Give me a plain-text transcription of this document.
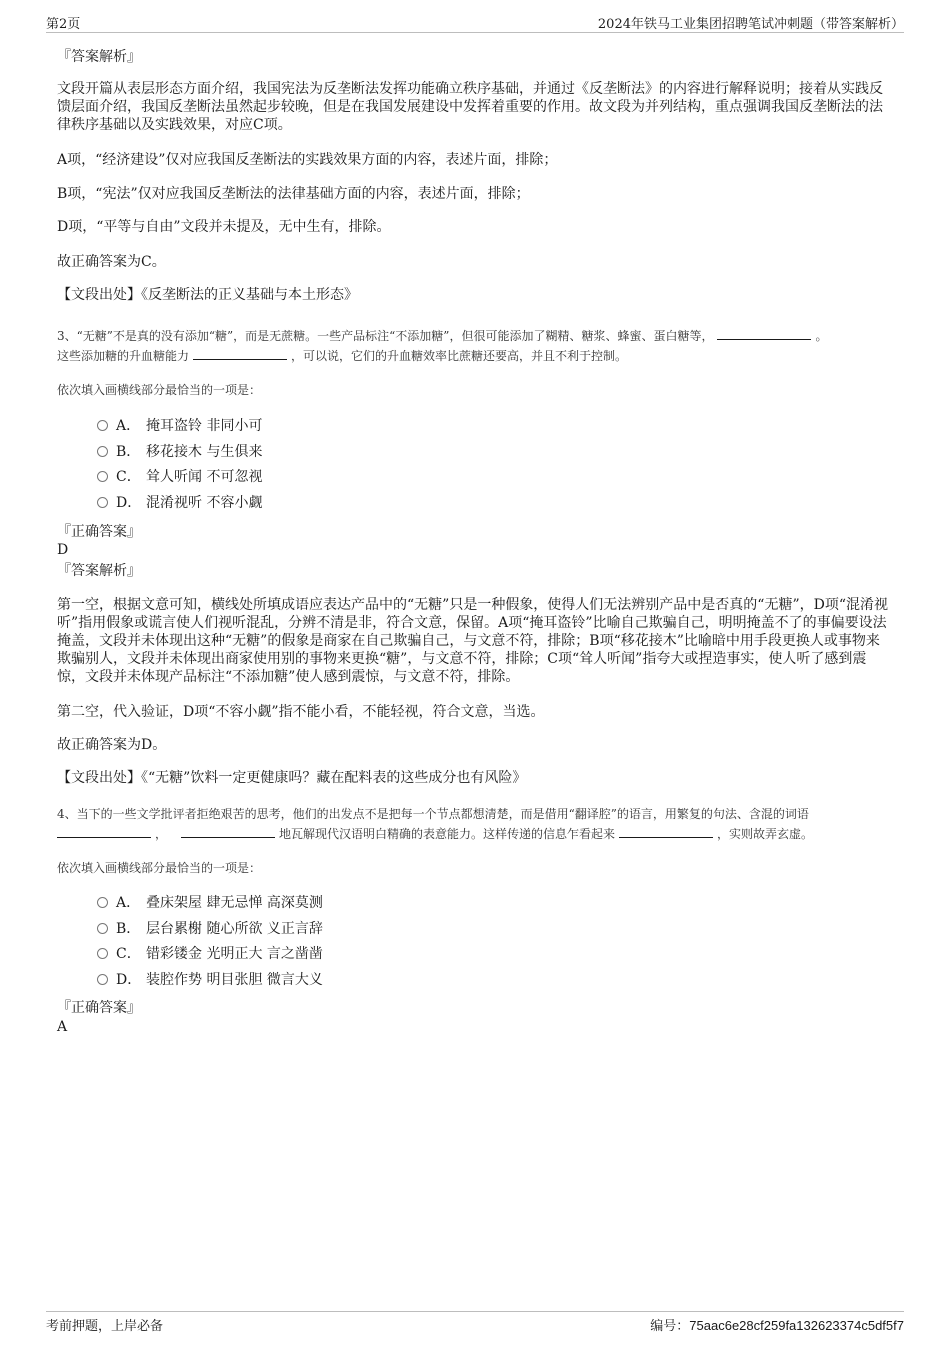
第2页	2024年铁马工业集团招聘笔试冲刺题（带答案解析）
『答案解析』
文段开篇从表层形态方面介绍，我国宪法为反垄断法发挥功能确立秩序基础，并通过《反垄断法》的内容进行解释说明；接着从实践反馈层面介绍，我国反垄断法虽然起步较晚，但是在我国发展建设中发挥着重要的作用。故文段为并列结构，重点强调我国反垄断法的法律秩序基础以及实践效果，对应C项。
A项，“经济建设”仅对应我国反垄断法的实践效果方面的内容，表述片面，排除；
B项，“宪法”仅对应我国反垄断法的法律基础方面的内容，表述片面，排除；
D项，“平等与自由”文段并未提及，无中生有，排除。
故正确答案为C。
【文段出处】《反垄断法的正义基础与本土形态》
3、“无糖”不是真的没有添加“糖”，而是无蔗糖。一些产品标注“不添加糖”，但很可能添加了糊精、糖浆、蜂蜜、蛋白糖等，	。
这些添加糖的升血糖能力	，可以说，它们的升血糖效率比蔗糖还要高，并且不利于控制。
依次填入画横线部分最恰当的一项是：
A． 掩耳盗铃 非同小可
B． 移花接木 与生俱来
C． 耸人听闻 不可忽视
D． 混淆视听 不容小觑
『正确答案』
D
『答案解析』
第一空，根据文意可知，横线处所填成语应表达产品中的“无糖”只是一种假象，使得人们无法辨别产品中是否真的“无糖”，D项“混淆视听”指用假象或谎言使人们视听混乱，分辨不清是非，符合文意，保留。A项“掩耳盗铃”比喻自己欺骗自己，明明掩盖不了的事偏要设法掩盖，文段并未体现出这种“无糖”的假象是商家在自己欺骗自己，与文意不符，排除；B项“移花接木”比喻暗中用手段更换人或事物来欺骗别人，文段并未体现出商家使用别的事物来更换“糖”，与文意不符，排除；C项“耸人听闻”指夸大或捏造事实，使人听了感到震惊，文段并未体现产品标注“不添加糖”使人感到震惊，与文意不符，排除。
第二空，代入验证，D项“不容小觑”指不能小看，不能轻视，符合文意，当选。
故正确答案为D。
【文段出处】《“无糖”饮料一定更健康吗？藏在配料表的这些成分也有风险》
4、当下的一些文学批评者拒绝艰苦的思考，他们的出发点不是把每一个节点都想清楚，而是借用“翻译腔”的语言，用繁复的句法、含混的词语
，	地瓦解现代汉语明白精确的表意能力。这样传递的信息乍看起来	，实则故弄玄虚。
依次填入画横线部分最恰当的一项是：
A． 叠床架屋 肆无忌惮 高深莫测
B． 层台累榭 随心所欲 义正言辞
C． 错彩镂金 光明正大 言之凿凿
D． 装腔作势 明目张胆 微言大义
『正确答案』
A
考前押题，上岸必备	编号：75aac6e28cf259fa132623374c5df5f7
